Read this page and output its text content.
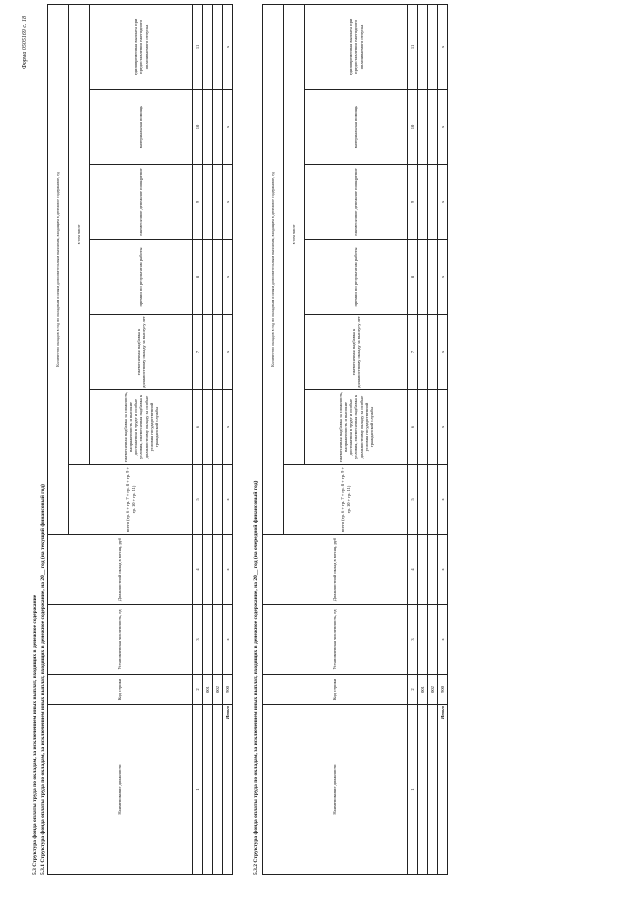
Форма 0505169 с. 18
5.3 Структура фонда оплаты труда по окладам, за исключением иных выплат, входящих в денежное содержание 5.3.1 Структура фонда оплаты труда по окладам, за исключением иных выплат, входящих в денежное содержание, на 20__ год (на текущий финансовый год)	Наименование должности	Код строки	Установленная численность, ед	Должностной оклад в месяц, руб	Количество окладов в год по окладным и иным дополнительным выплатам, входящим в денежное содержание, ед						
				всего (гр. 6 + гр. 7 + гр. 8 + гр. 9 + гр. 10 + гр. 11)	в том числе					
					ежемесячная надбавка за сложность, напряженность и высокие достижения в труде и особые условия, ежемесячная надбавка к должностному окладу за особые условия государственной гражданской службы	ежемесячная надбавка к должностному окладу за выслугу лет	премии по результатам работы	ежемесячное денежное поощрение	материальная помощь	единовременная выплата при предоставлении ежегодного оплачиваемого отпуска
1	2	3	4	5	6	7	8	9	10	11
	001									
	002									
Итого	900	x	x	x	x	x	x	x	x	x
5.3.2 Структура фонда оплаты труда по окладам, за исключением иных выплат, входящих в денежное содержание, на 20__ год (на очередной финансовый год)	Наименование должности	Код строки	Установленная численность, ед	Должностной оклад в месяц, руб	Количество окладов в год по окладным и иным дополнительным выплатам, входящим в денежное содержание, ед						
				всего (гр. 6 + гр. 7 + гр. 8 + гр. 9 + гр. 10 + гр. 11)	в том числе					
					ежемесячная надбавка за сложность, напряженность и высокие достижения в труде и особые условия, ежемесячная надбавка к должностному окладу за особые условия государственной гражданской службы	ежемесячная надбавка к должностному окладу за выслугу лет	премии по результатам работы	ежемесячное денежное поощрение	материальная помощь	единовременная выплата при предоставлении ежегодного оплачиваемого отпуска
1	2	3	4	5	6	7	8	9	10	11
	001									
	002									
Итого	900	x	x	x	x	x	x	x	x	x
